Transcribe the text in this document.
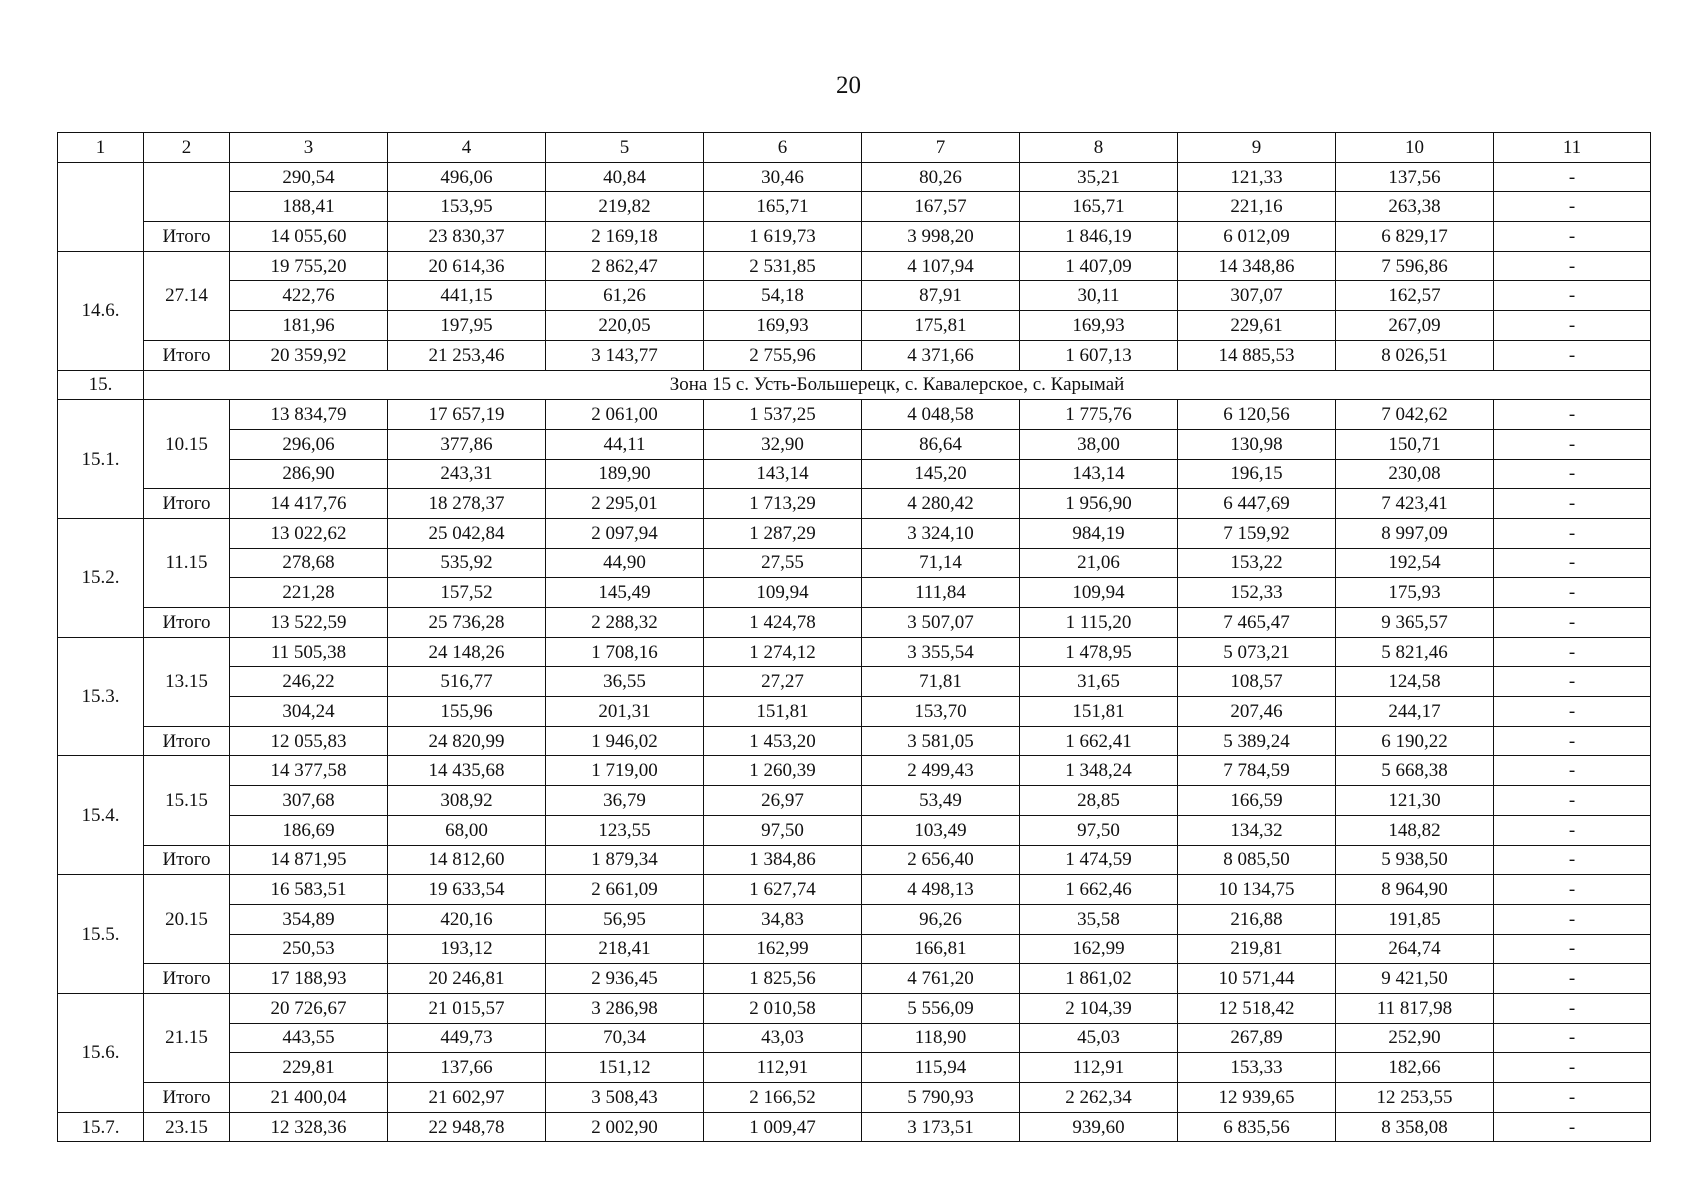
20
1	2	3	4	5	6	7	8	9	10	11
		290,54	496,06	40,84	30,46	80,26	35,21	121,33	137,56	-
		188,41	153,95	219,82	165,71	167,57	165,71	221,16	263,38	-
	Итого	14 055,60	23 830,37	2 169,18	1 619,73	3 998,20	1 846,19	6 012,09	6 829,17	-
14.6.	27.14	19 755,20	20 614,36	2 862,47	2 531,85	4 107,94	1 407,09	14 348,86	7 596,86	-
		422,76	441,15	61,26	54,18	87,91	30,11	307,07	162,57	-
		181,96	197,95	220,05	169,93	175,81	169,93	229,61	267,09	-
	Итого	20 359,92	21 253,46	3 143,77	2 755,96	4 371,66	1 607,13	14 885,53	8 026,51	-
15.	Зона 15 с. Усть-Большерецк, с. Кавалерское, с. Карымай									
15.1.	10.15	13 834,79	17 657,19	2 061,00	1 537,25	4 048,58	1 775,76	6 120,56	7 042,62	-
		296,06	377,86	44,11	32,90	86,64	38,00	130,98	150,71	-
		286,90	243,31	189,90	143,14	145,20	143,14	196,15	230,08	-
	Итого	14 417,76	18 278,37	2 295,01	1 713,29	4 280,42	1 956,90	6 447,69	7 423,41	-
15.2.	11.15	13 022,62	25 042,84	2 097,94	1 287,29	3 324,10	984,19	7 159,92	8 997,09	-
		278,68	535,92	44,90	27,55	71,14	21,06	153,22	192,54	-
		221,28	157,52	145,49	109,94	111,84	109,94	152,33	175,93	-
	Итого	13 522,59	25 736,28	2 288,32	1 424,78	3 507,07	1 115,20	7 465,47	9 365,57	-
15.3.	13.15	11 505,38	24 148,26	1 708,16	1 274,12	3 355,54	1 478,95	5 073,21	5 821,46	-
		246,22	516,77	36,55	27,27	71,81	31,65	108,57	124,58	-
		304,24	155,96	201,31	151,81	153,70	151,81	207,46	244,17	-
	Итого	12 055,83	24 820,99	1 946,02	1 453,20	3 581,05	1 662,41	5 389,24	6 190,22	-
15.4.	15.15	14 377,58	14 435,68	1 719,00	1 260,39	2 499,43	1 348,24	7 784,59	5 668,38	-
		307,68	308,92	36,79	26,97	53,49	28,85	166,59	121,30	-
		186,69	68,00	123,55	97,50	103,49	97,50	134,32	148,82	-
	Итого	14 871,95	14 812,60	1 879,34	1 384,86	2 656,40	1 474,59	8 085,50	5 938,50	-
15.5.	20.15	16 583,51	19 633,54	2 661,09	1 627,74	4 498,13	1 662,46	10 134,75	8 964,90	-
		354,89	420,16	56,95	34,83	96,26	35,58	216,88	191,85	-
		250,53	193,12	218,41	162,99	166,81	162,99	219,81	264,74	-
	Итого	17 188,93	20 246,81	2 936,45	1 825,56	4 761,20	1 861,02	10 571,44	9 421,50	-
15.6.	21.15	20 726,67	21 015,57	3 286,98	2 010,58	5 556,09	2 104,39	12 518,42	11 817,98	-
		443,55	449,73	70,34	43,03	118,90	45,03	267,89	252,90	-
		229,81	137,66	151,12	112,91	115,94	112,91	153,33	182,66	-
	Итого	21 400,04	21 602,97	3 508,43	2 166,52	5 790,93	2 262,34	12 939,65	12 253,55	-
15.7.	23.15	12 328,36	22 948,78	2 002,90	1 009,47	3 173,51	939,60	6 835,56	8 358,08	-
